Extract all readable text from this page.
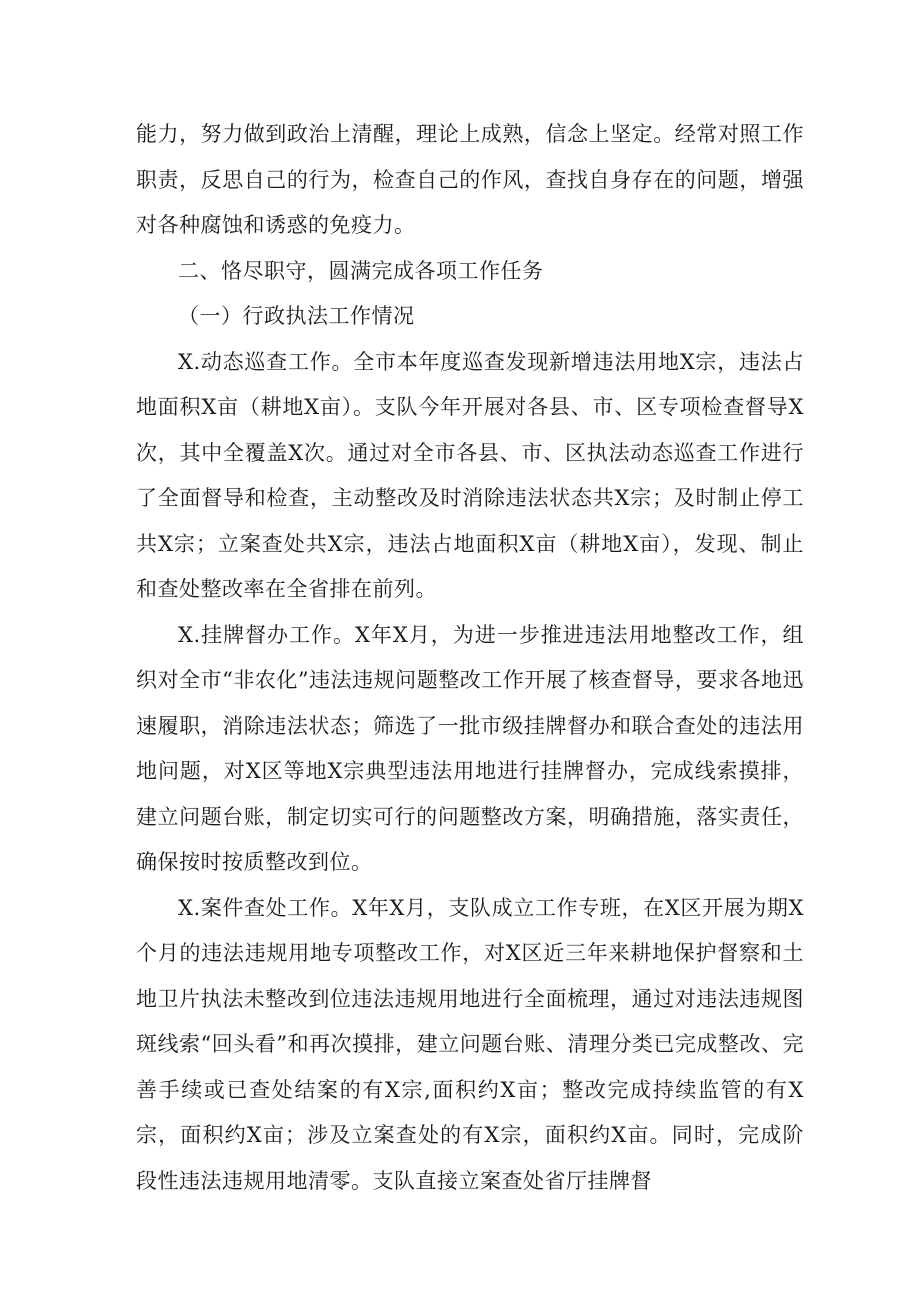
能力，努力做到政治上清醒，理论上成熟，信念上坚定。经常对照工作职责，反思自己的行为，检查自己的作风，查找自身存在的问题，增强对各种腐蚀和诱惑的免疫力。

二、恪尽职守，圆满完成各项工作任务

（一）行政执法工作情况

X.动态巡查工作。全市本年度巡查发现新增违法用地X宗，违法占地面积X亩（耕地X亩）。支队今年开展对各县、市、区专项检查督导X次，其中全覆盖X次。通过对全市各县、市、区执法动态巡查工作进行了全面督导和检查，主动整改及时消除违法状态共X宗；及时制止停工共X宗；立案查处共X宗，违法占地面积X亩（耕地X亩），发现、制止和查处整改率在全省排在前列。

X.挂牌督办工作。X年X月，为进一步推进违法用地整改工作，组织对全市“非农化”违法违规问题整改工作开展了核查督导，要求各地迅速履职，消除违法状态；筛选了一批市级挂牌督办和联合查处的违法用地问题，对X区等地X宗典型违法用地进行挂牌督办，完成线索摸排，建立问题台账，制定切实可行的问题整改方案，明确措施，落实责任，确保按时按质整改到位。

X.案件查处工作。X年X月，支队成立工作专班，在X区开展为期X个月的违法违规用地专项整改工作，对X区近三年来耕地保护督察和土地卫片执法未整改到位违法违规用地进行全面梳理，通过对违法违规图斑线索“回头看”和再次摸排，建立问题台账、清理分类已完成整改、完善手续或已查处结案的有X宗,面积约X亩；整改完成持续监管的有X宗，面积约X亩；涉及立案查处的有X宗，面积约X亩。同时，完成阶段性违法违规用地清零。支队直接立案查处省厅挂牌督
